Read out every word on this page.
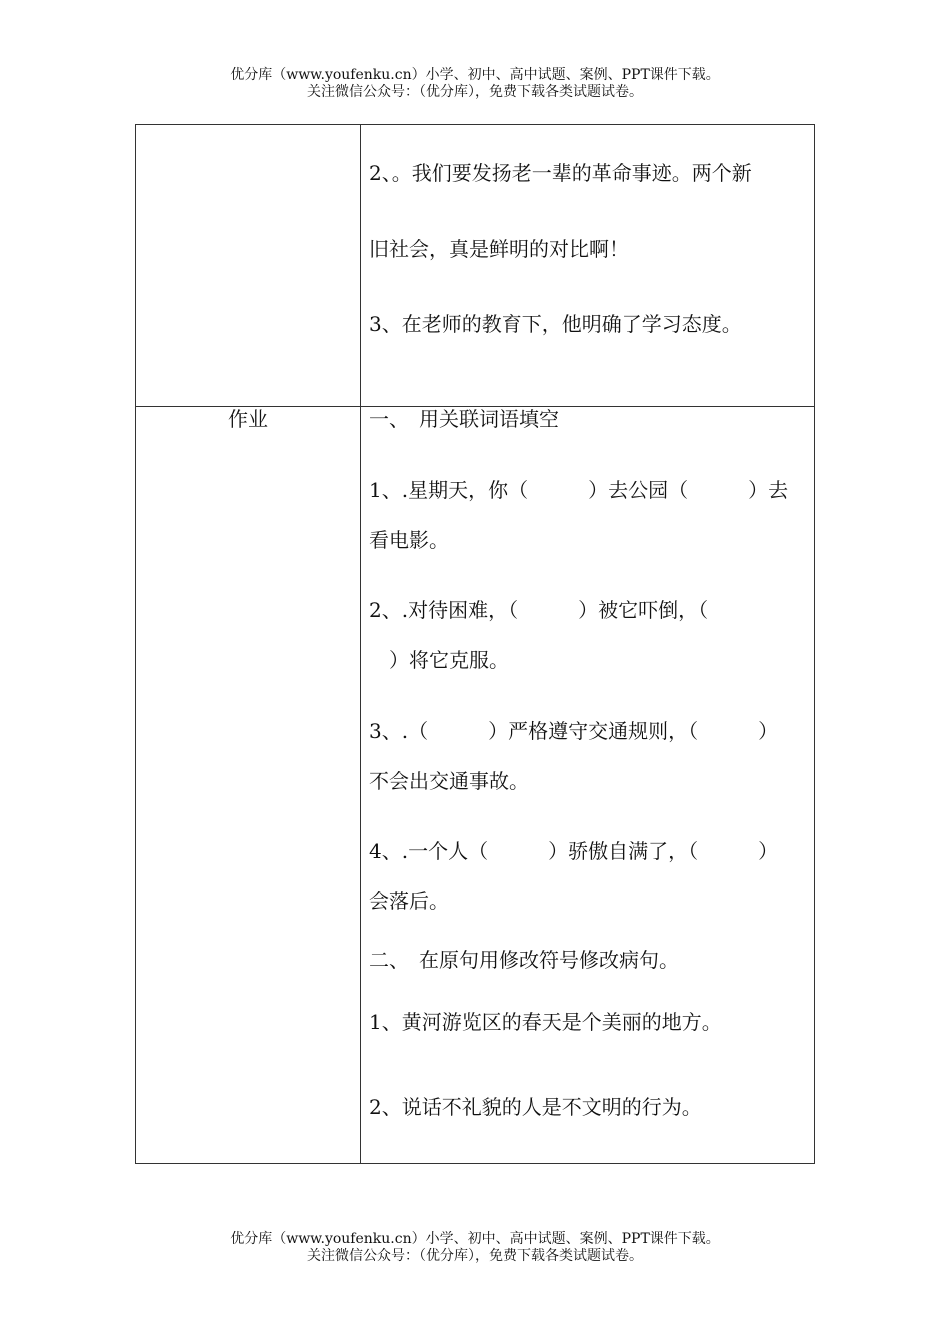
优分库（www.youfenku.cn）小学、初中、高中试题、案例、PPT课件下载。
关注微信公众号：（优分库），免费下载各类试题试卷。
2、。我们要发扬老一辈的革命事迹。两个新
旧社会，真是鲜明的对比啊！
3、在老师的教育下，他明确了学习态度。
作业	一、　用关联词语填空
1、.星期天，你（　　　）去公园（　　　）去
看电影。
2、.对待困难，（　　　）被它吓倒，（
　）将它克服。
3、.（　　　）严格遵守交通规则，（　　　）
不会出交通事故。
4、.一个人（　　　）骄傲自满了，（　　　）
会落后。
二、　在原句用修改符号修改病句。
1、黄河游览区的春天是个美丽的地方。
2、说话不礼貌的人是不文明的行为。
优分库（www.youfenku.cn）小学、初中、高中试题、案例、PPT课件下载。
关注微信公众号：（优分库），免费下载各类试题试卷。
